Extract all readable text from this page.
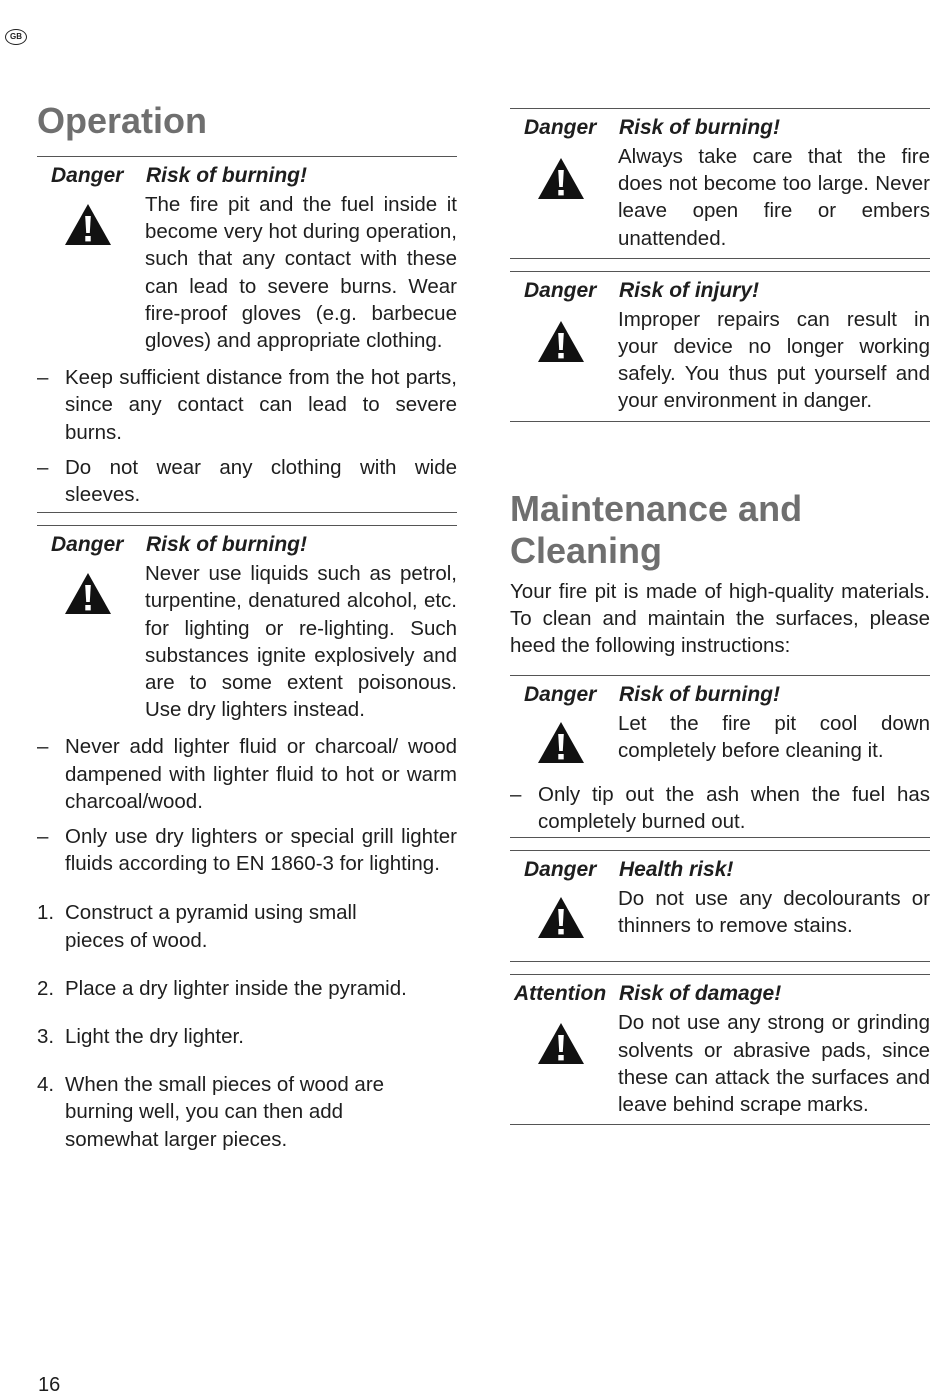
GB
Operation
Danger Risk of burning!
The fire pit and the fuel inside it become very hot during operation, such that any contact with these can lead to severe burns. Wear fire-proof gloves (e.g. barbecue gloves) and appropriate clothing.
– Keep sufficient distance from the hot parts, since any contact can lead to severe burns.
– Do not wear any clothing with wide sleeves.
Danger Risk of burning!
Never use liquids such as petrol, turpentine, denatured alcohol, etc. for lighting or re-lighting. Such substances ignite explosively and are to some extent poisonous. Use dry lighters instead.
– Never add lighter fluid or charcoal/ wood dampened with lighter fluid to hot or warm charcoal/wood.
– Only use dry lighters or special grill lighter fluids according to EN 1860-3 for lighting.
1. Construct a pyramid using small pieces of wood.
2. Place a dry lighter inside the pyramid.
3. Light the dry lighter.
4. When the small pieces of wood are burning well, you can then add somewhat larger pieces.
Danger Risk of burning!
Always take care that the fire does not become too large. Never leave open fire or embers unattended.
Danger Risk of injury!
Improper repairs can result in your device no longer working safely. You thus put yourself and your environment in danger.
Maintenance and Cleaning
Your fire pit is made of high-quality materials. To clean and maintain the surfaces, please heed the following instructions:
Danger Risk of burning!
Let the fire pit cool down completely before cleaning it.
– Only tip out the ash when the fuel has completely burned out.
Danger Health risk!
Do not use any decolourants or thinners to remove stains.
Attention Risk of damage!
Do not use any strong or grinding solvents or abrasive pads, since these can attack the surfaces and leave behind scrape marks.
16
